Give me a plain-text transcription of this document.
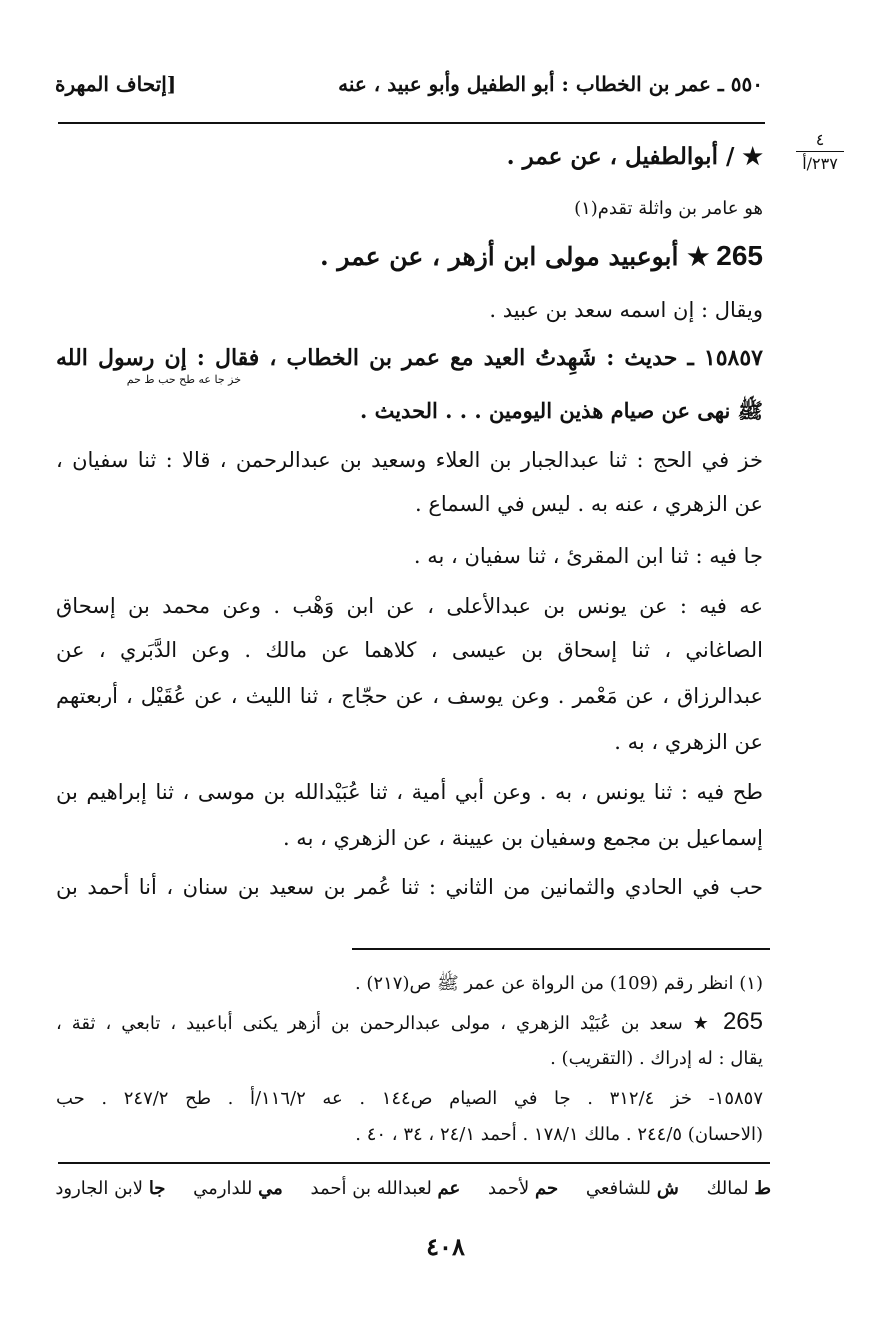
[إتحاف المهرة	٥٥٠ ـ عمر بن الخطاب : أبو الطفيل وأبو عبيد ، عنه
٤
٢٣٧/أ
★ / أبوالطفيل ، عن عمر .
هو عامر بن واثلة تقدم(١)
265 ★ أبوعبيد مولى ابن أزهر ، عن عمر .
ويقال : إن اسمه سعد بن عبيد .
١٥٨٥٧ ـ حديث : شَهِدتُ العيد مع عمر بن الخطاب ، فقال : إن رسول الله
خز جا عه طح حب ط حم
ﷺ نهى عن صيام هذين اليومين . . . الحديث .
خز في الحج : ثنا عبدالجبار بن العلاء وسعيد بن عبدالرحمن ، قالا : ثنا سفيان ،
عن الزهري ، عنه به . ليس في السماع .
جا فيه : ثنا ابن المقرئ ، ثنا سفيان ، به .
عه فيه : عن يونس بن عبدالأعلى ، عن ابن وَهْب . وعن محمد بن إسحاق
الصاغاني ، ثنا إسحاق بن عيسى ، كلاهما عن مالك . وعن الدَّبَري ، عن
عبدالرزاق ، عن مَعْمر . وعن يوسف ، عن حجّاج ، ثنا الليث ، عن عُقَيْل ، أربعتهم
عن الزهري ، به .
طح فيه : ثنا يونس ، به . وعن أبي أمية ، ثنا عُبَيْدالله بن موسى ، ثنا إبراهيم بن
إسماعيل بن مجمع وسفيان بن عيينة ، عن الزهري ، به .
حب في الحادي والثمانين من الثاني : ثنا عُمر بن سعيد بن سنان ، أنا أحمد بن
(١) انظر رقم (109) من الرواة عن عمر ﷺ ص(٢١٧) .
265 ★ سعد بن عُبَيْد الزهري ، مولى عبدالرحمن بن أزهر يكنى أباعبيد ، تابعي ، ثقة ،
يقال : له إدراك . (التقريب) .
١٥٨٥٧- خز ٣١٢/٤ . جا في الصيام ص١٤٤ . عه ١١٦/٢/أ . طح ٢٤٧/٢ . حب
(الاحسان) ٢٤٤/٥ . مالك ١٧٨/١ . أحمد ٢٤/١ ، ٣٤ ، ٤٠ .
ط لمالك ش للشافعي حم لأحمد عم لعبدالله بن أحمد مي للدارمي جا لابن الجارود
٤٠٨
